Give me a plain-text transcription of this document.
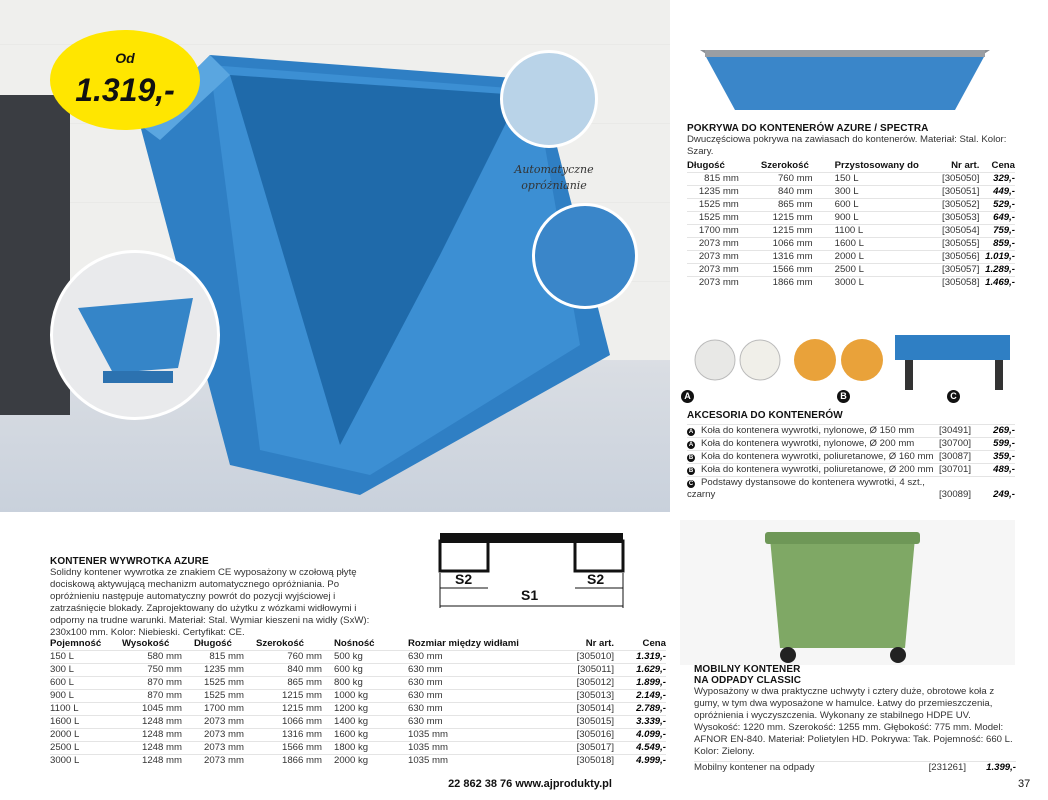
Od
1.319,-
Automatyczne
opróżnianie
POKRYWA DO KONTENERÓW AZURE / SPECTRA

Dwuczęściowa pokrywa na zawiasach do kontenerów. Materiał: Stal. Kolor: Szary.

Długość	Szerokość	Przystosowany do	Nr art.	Cena
815 mm	760 mm	150 L	[305050]	329,-
1235 mm	840 mm	300 L	[305051]	449,-
1525 mm	865 mm	600 L	[305052]	529,-
1525 mm	1215 mm	900 L	[305053]	649,-
1700 mm	1215 mm	1100 L	[305054]	759,-
2073 mm	1066 mm	1600 L	[305055]	859,-
2073 mm	1316 mm	2000 L	[305056]	1.019,-
2073 mm	1566 mm	2500 L	[305057]	1.289,-
2073 mm	1866 mm	3000 L	[305058]	1.469,-
A	B	C
AKCESORIA DO KONTENERÓW
A Koła do kontenera wywrotki, nylonowe, Ø 150 mm	[30491]	269,-
A Koła do kontenera wywrotki, nylonowe, Ø 200 mm	[30700]	599,-
B Koła do kontenera wywrotki, poliuretanowe, Ø 160 mm	[30087]	359,-
B Koła do kontenera wywrotki, poliuretanowe, Ø 200 mm	[30701]	489,-
C Podstawy dystansowe do kontenera wywrotki, 4 szt., czarny	[30089]	249,-
S2	S2
S1
KONTENER WYWROTKA AZURE

Solidny kontener wywrotka ze znakiem CE wyposażony w czołową płytę dociskową aktywującą mechanizm automatycznego opróżniania. Po opróżnieniu następuje automatyczny powrót do pozycji wyjściowej i zatrzaśnięcie blokady. Zaprojektowany do użytku z wózkami widłowymi i odporny na trudne warunki. Materiał: Stal. Wymiar kieszeni na widły (SxW): 230x100 mm. Kolor: Niebieski. Certyfikat: CE.

Pojemność	Wysokość	Długość	Szerokość	Nośność	Rozmiar między widłami	Nr art.	Cena
150 L	580 mm	815 mm	760 mm	500 kg	630 mm	[305010]	1.319,-
300 L	750 mm	1235 mm	840 mm	600 kg	630 mm	[305011]	1.629,-
600 L	870 mm	1525 mm	865 mm	800 kg	630 mm	[305012]	1.899,-
900 L	870 mm	1525 mm	1215 mm	1000 kg	630 mm	[305013]	2.149,-
1100 L	1045 mm	1700 mm	1215 mm	1200 kg	630 mm	[305014]	2.789,-
1600 L	1248 mm	2073 mm	1066 mm	1400 kg	630 mm	[305015]	3.339,-
2000 L	1248 mm	2073 mm	1316 mm	1600 kg	1035 mm	[305016]	4.099,-
2500 L	1248 mm	2073 mm	1566 mm	1800 kg	1035 mm	[305017]	4.549,-
3000 L	1248 mm	2073 mm	1866 mm	2000 kg	1035 mm	[305018]	4.999,-
MOBILNY KONTENER
NA ODPADY CLASSIC

Wyposażony w dwa praktyczne uchwyty i cztery duże, obrotowe koła z gumy, w tym dwa wyposażone w hamulce. Łatwy do przemieszczenia, opróżnienia i wyczyszczenia. Wykonany ze stabilnego HDPE UV. Wysokość: 1220 mm. Szerokość: 1255 mm. Głębokość: 775 mm. Model: AFNOR EN-840. Materiał: Polietylen HD. Pokrywa: Tak. Pojemność: 660 L. Kolor: Zielony.

Mobilny kontener na odpady	[231261]	1.399,-
22 862 38 76 www.ajprodukty.pl	37
